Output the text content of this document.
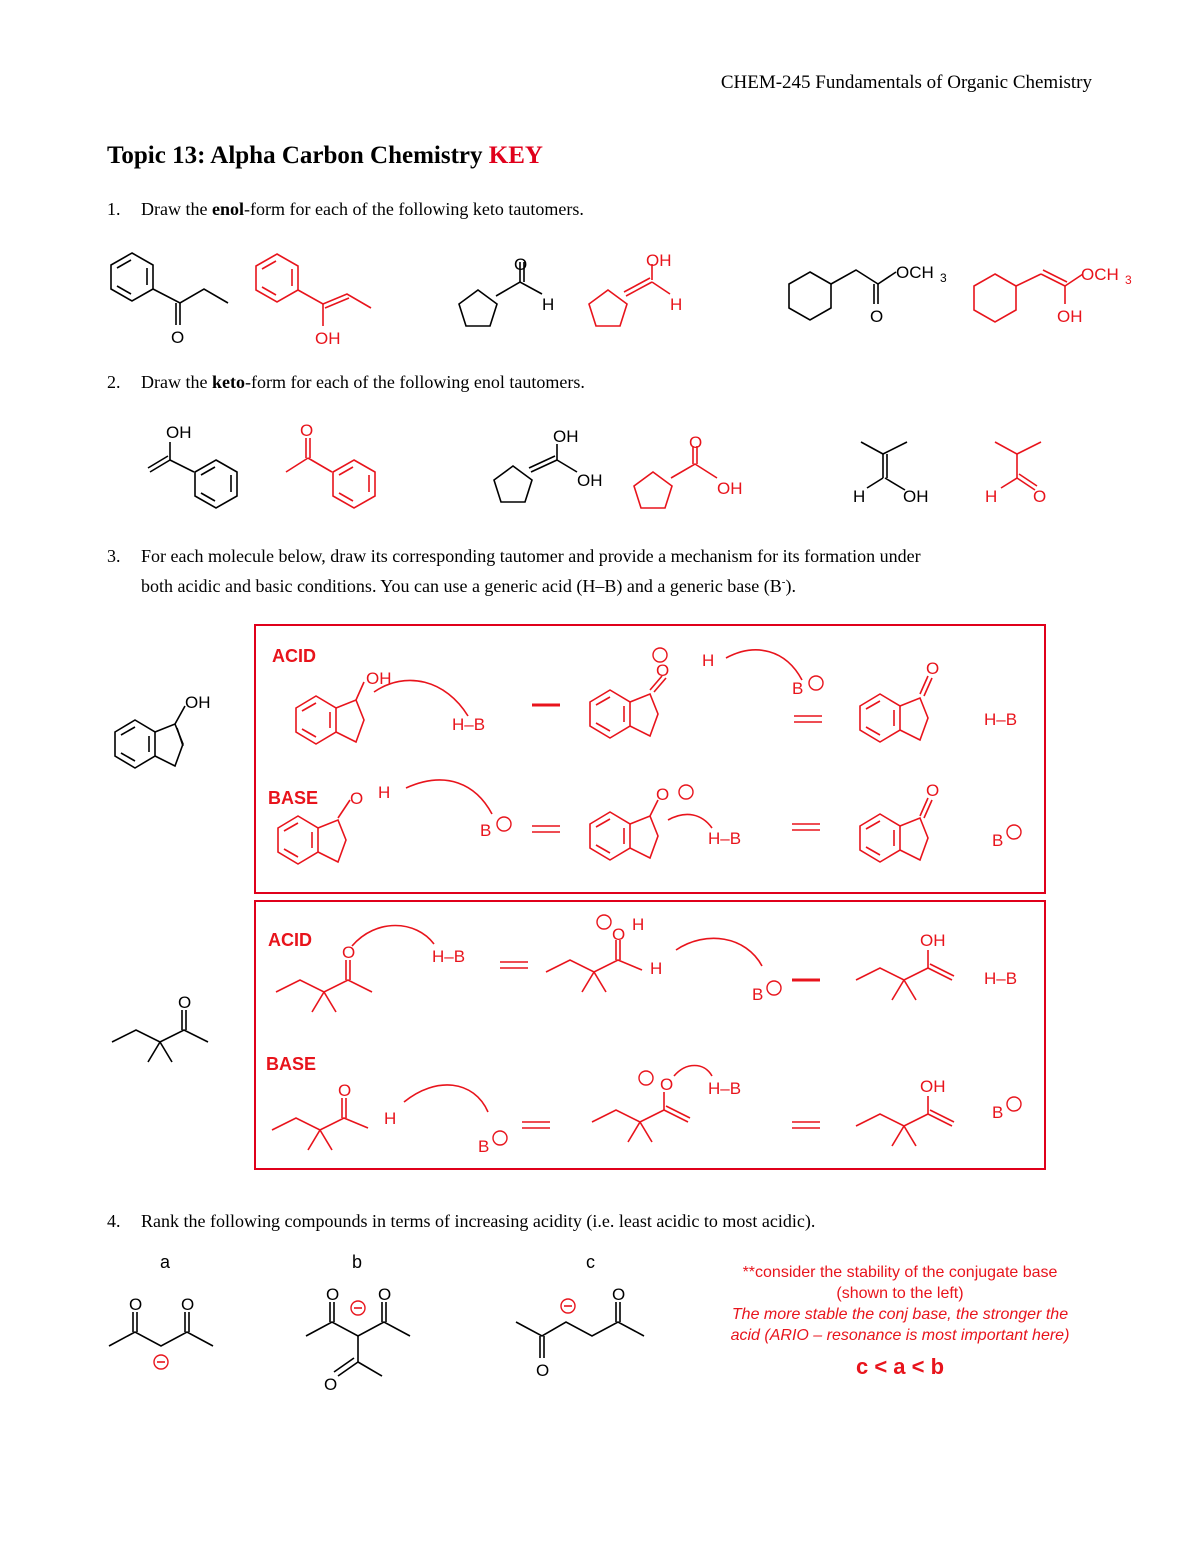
CHEM-245 Fundamentals of Organic Chemistry
Topic 13: Alpha Carbon Chemistry KEY
1. Draw the enol-form for each of the following keto tautomers.
O	OH
O
H
OH
H
OCH 3
O
OCH 3
OH
2. Draw the keto-form for each of the following enol tautomers.
OH	O	OH
OH
O
OH	H OH	H O
3. For each molecule below, draw its corresponding tautomer and provide a mechanism for its formation under
both acidic and basic conditions. You can use a generic acid (H–B) and a generic base (B-).
OH
ACID
BASE
OH
H–B
O
H
B
O
H–B
O H
B
O
H–B
O
B
O
ACID
BASE
O	H–B
O
H
H
B
OH
H–B
O
H
B
O H–B	OH
B
4. Rank the following compounds in terms of increasing acidity (i.e. least acidic to most acidic).
a	b	c
O O
O O
O
O
O
**consider the stability of the conjugate base
(shown to the left)
The more stable the conj base, the stronger the
acid (ARIO – resonance is most important here)
c < a < b
